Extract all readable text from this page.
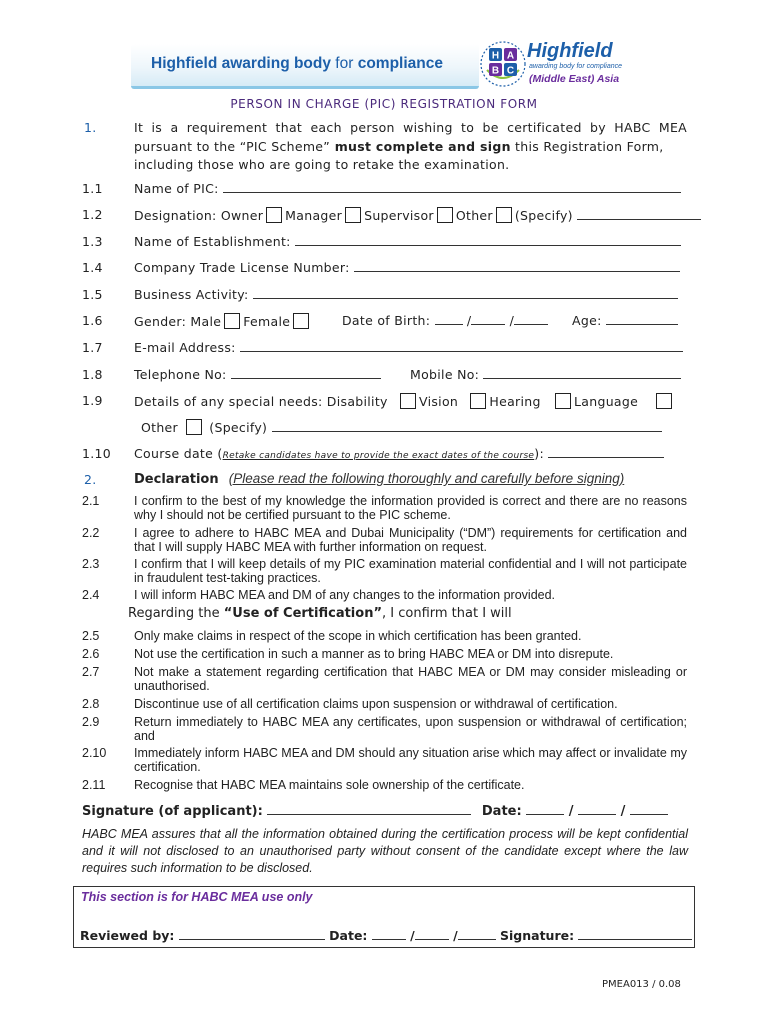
Highfield awarding body for compliance	H A
B C
Highfield
awarding body for compliance
(Middle East) Asia
PERSON IN CHARGE (PIC) REGISTRATION FORM
1.	It is a requirement that each person wishing to be certificated by HABC MEA
pursuant to the “PIC Scheme” must complete and sign this Registration Form,
including those who are going to retake the examination.
1.1 Name of PIC:
1.2 Designation: Owner Manager Supervisor Other (Specify)
1.3 Name of Establishment:
1.4 Company Trade License Number:
1.5 Business Activity:
1.6 Gender: Male Female	Date of Birth:	/	/	Age:
1.7 E-mail Address:
1.8 Telephone No:	Mobile No:
1.9 Details of any special needs: Disability	Vision	Hearing	Language
Other	(Specify)
1.10 Course date (Retake candidates have to provide the exact dates of the course):
2.	Declaration (Please read the following thoroughly and carefully before signing)
2.1	I confirm to the best of my knowledge the information provided is correct and there are no reasons why I should not be certified pursuant to the PIC scheme.
2.2	I agree to adhere to HABC MEA and Dubai Municipality (“DM”) requirements for certification and that I will supply HABC MEA with further information on request.
2.3	I confirm that I will keep details of my PIC examination material confidential and I will not participate in fraudulent test-taking practices.
2.4	I will inform HABC MEA and DM of any changes to the information provided.
Regarding the “Use of Certification”, I confirm that I will
2.5	Only make claims in respect of the scope in which certification has been granted.
2.6	Not use the certification in such a manner as to bring HABC MEA or DM into disrepute.
2.7	Not make a statement regarding certification that HABC MEA or DM may consider misleading or unauthorised.
2.8	Discontinue use of all certification claims upon suspension or withdrawal of certification.
2.9	Return immediately to HABC MEA any certificates, upon suspension or withdrawal of certification; and
2.10 Immediately inform HABC MEA and DM should any situation arise which may affect or invalidate my certification.
2.11 Recognise that HABC MEA maintains sole ownership of the certificate.
Signature (of applicant):	Date:	/	/
HABC MEA assures that all the information obtained during the certification process will be kept confidential and it will not disclosed to an unauthorised party without consent of the candidate except where the law requires such information to be disclosed.
This section is for HABC MEA use only
Reviewed by:	Date:	/	/	Signature:
PMEA013 / 0.08
